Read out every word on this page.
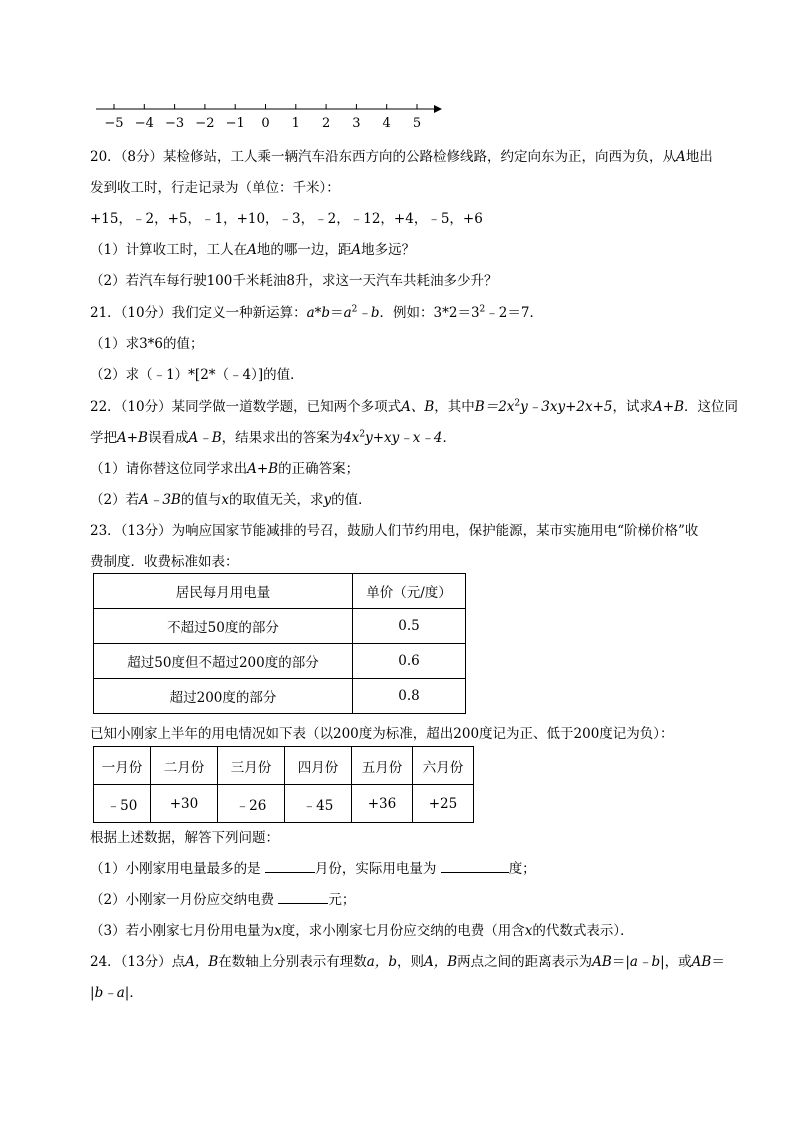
−5 −4 −3 −2 −1 0 1 2 3 4 5
20．（8分）某检修站，工人乘一辆汽车沿东西方向的公路检修线路，约定向东为正，向西为负，从A地出
发到收工时，行走记录为（单位：千米）：
+15，﹣2，+5，﹣1，+10，﹣3，﹣2，﹣12，+4，﹣5，+6
（1）计算收工时，工人在A地的哪一边，距A地多远？
（2）若汽车每行驶100千米耗油8升，求这一天汽车共耗油多少升？
21．（10分）我们定义一种新运算：$a*b=a^2﹣b$．例如：$3*2=3^2﹣2=7$．
（1）求3*6的值；
（2）求（﹣1）*[2*（﹣4）]的值．
22．（10分）某同学做一道数学题，已知两个多项式A、B，其中$B=2x^2y﹣3xy+2x+5$，试求A+B．这位同
学把A+B误看成A﹣B，结果求出的答案为$4x^2y+xy﹣x﹣4$．
（1）请你替这位同学求出A+B的正确答案；
（2）若A﹣3B的值与x的取值无关，求y的值．
23．（13分）为响应国家节能减排的号召，鼓励人们节约用电，保护能源，某市实施用电“阶梯价格”收
费制度．收费标准如表：
居民每月用电量	单价（元/度）
不超过50度的部分	0.5
超过50度但不超过200度的部分	0.6
超过200度的部分	0.8
已知小刚家上半年的用电情况如下表（以200度为标准，超出200度记为正、低于200度记为负）：
一月份	二月份	三月份	四月份	五月份	六月份
﹣50	+30	﹣26	﹣45	+36	+25
根据上述数据，解答下列问题：
（1）小刚家用电量最多的是	月份，实际用电量为	度；
（2）小刚家一月份应交纳电费	元；
（3）若小刚家七月份用电量为x度，求小刚家七月份应交纳的电费（用含x的代数式表示）．
24．（13分）点A，B在数轴上分别表示有理数a，b，则A，B两点之间的距离表示为AB＝|a﹣b|，或AB＝
|b﹣a|．
